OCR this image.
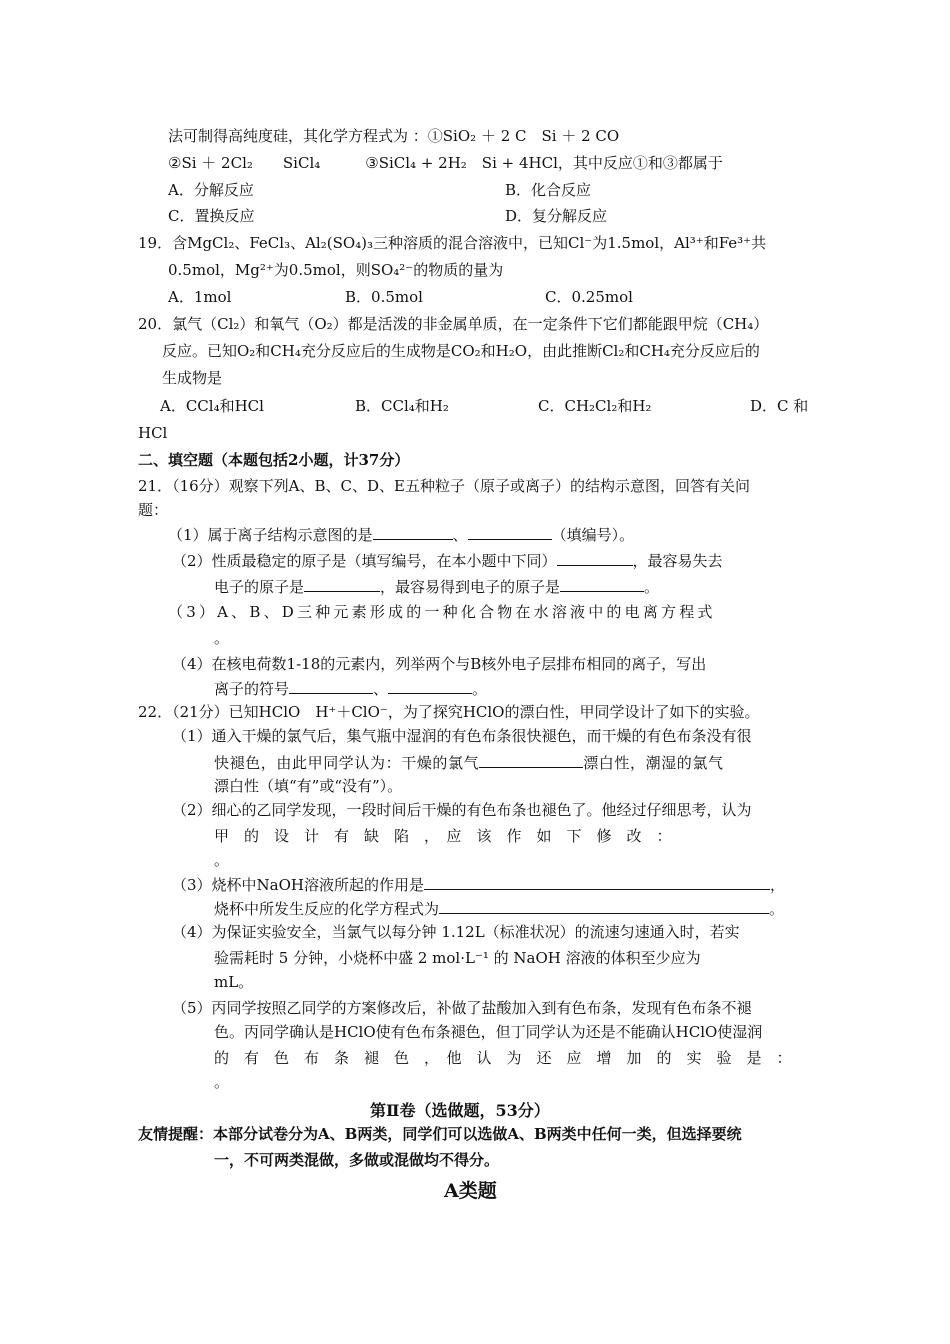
法可制得高纯度硅，其化学方程式为 ：①SiO₂ ＋ 2 C　Si ＋ 2 CO
②Si ＋ 2Cl₂　　SiCl₄　　　③SiCl₄ + 2H₂　Si + 4HCl，其中反应①和③都属于
A．分解反应	B．化合反应
C．置换反应	D．复分解反应
19．含MgCl₂、FeCl₃、Al₂(SO₄)₃三种溶质的混合溶液中，已知Cl⁻为1.5mol，Al³⁺和Fe³⁺共
0.5mol，Mg²⁺为0.5mol，则SO₄²⁻的物质的量为
A．1mol	B．0.5mol	C．0.25mol
20．氯气（Cl₂）和氧气（O₂）都是活泼的非金属单质，在一定条件下它们都能跟甲烷（CH₄）
反应。已知O₂和CH₄充分反应后的生成物是CO₂和H₂O，由此推断Cl₂和CH₄充分反应后的
生成物是
A．CCl₄和HCl	B．CCl₄和H₂	C．CH₂Cl₂和H₂	D．C 和
HCl
二、填空题（本题包括2小题，计37分）
21．（16分）观察下列A、B、C、D、E五种粒子（原子或离子）的结构示意图，回答有关问
题：
（1）属于离子结构示意图的是	、	（填编号）。
（2）性质最稳定的原子是（填写编号，在本小题中下同）	，最容易失去
电子的原子是	，最容易得到电子的原子是	。
（3）A、B、D三种元素形成的一种化合物在水溶液中的电离方程式
。
（4）在核电荷数1-18的元素内，列举两个与B核外电子层排布相同的离子，写出
离子的符号	、	。
22．（21分）已知HClO　H⁺＋ClO⁻，为了探究HClO的漂白性，甲同学设计了如下的实验。
（1）通入干燥的氯气后，集气瓶中湿润的有色布条很快褪色，而干燥的有色布条没有很
快褪色，由此甲同学认为：干燥的氯气	漂白性，潮湿的氯气
漂白性（填“有”或“没有”）。
（2）细心的乙同学发现，一段时间后干燥的有色布条也褪色了。他经过仔细思考，认为
甲　的　设　计　有　缺　陷　，　应　该　作　如　下　修　改　：
。
（3）烧杯中NaOH溶液所起的作用是	，
烧杯中所发生反应的化学方程式为	。
（4）为保证实验安全，当氯气以每分钟 1.12L（标准状况）的流速匀速通入时，若实
验需耗时 5 分钟，小烧杯中盛 2 mol·L⁻¹ 的 NaOH 溶液的体积至少应为
mL。
（5）丙同学按照乙同学的方案修改后，补做了盐酸加入到有色布条，发现有色布条不褪
色。丙同学确认是HClO使有色布条褪色，但丁同学认为还是不能确认HClO使湿润
的　有　色　布　条　褪　色　，　他　认　为　还　应　增　加　的　实　验　是　：
。
第Ⅱ卷（选做题，53分）
友情提醒：本部分试卷分为A、B两类，同学们可以选做A、B两类中任何一类，但选择要统
一，不可两类混做，多做或混做均不得分。
A类题
